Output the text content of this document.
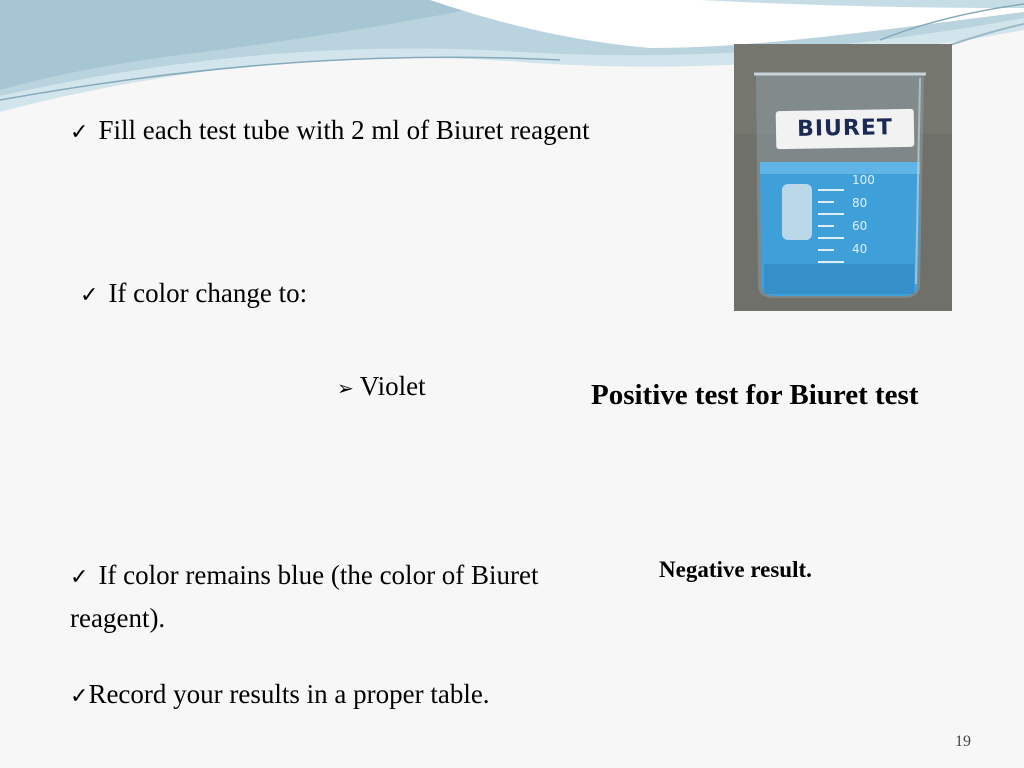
✓ Fill each test tube with 2 ml of Biuret reagent

✓ If color change to:

➢ Violet	Positive test for Biuret test

✓ If color remains blue (the color of Biuret reagent).

Negative result.

✓Record your results in a proper table.

BIURET
100
80
60
40
19
